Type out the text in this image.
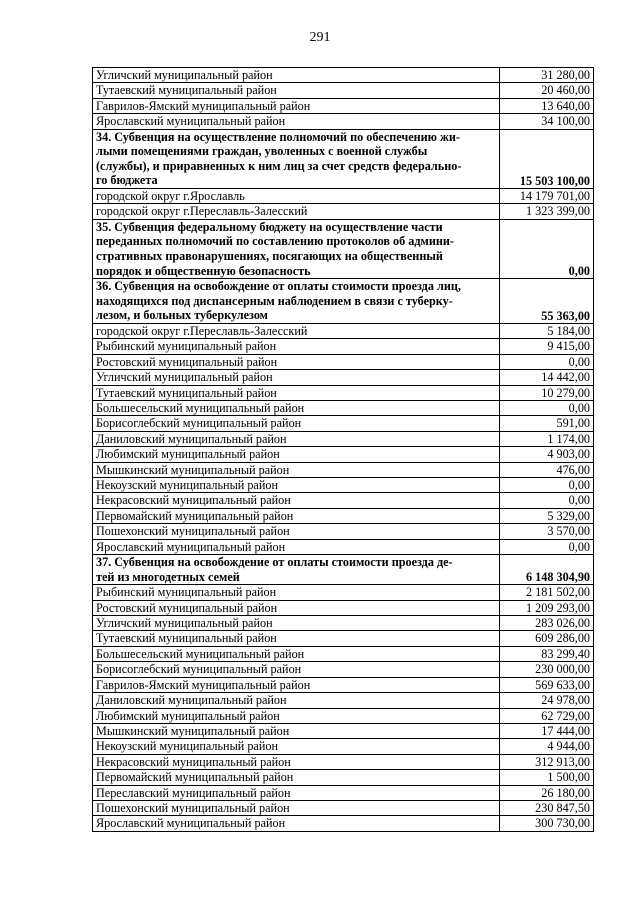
291
Угличский муниципальный район	31 280,00
Тутаевский муниципальный район	20 460,00
Гаврилов-Ямский муниципальный район	13 640,00
Ярославский муниципальный район	34 100,00

34. Субвенция на осуществление полномочий по обеспечению жи-
лыми помещениями граждан, уволенных с военной службы
(службы), и приравненных к ним лиц за счет средств федерально-
го бюджета	15 503 100,00
городской округ г.Ярославль	14 179 701,00
городской округ г.Переславль-Залесский	1 323 399,00

35. Субвенция федеральному бюджету на осуществление части
переданных полномочий по составлению протоколов об админи-
стративных правонарушениях, посягающих на общественный
порядок и общественную безопасность	0,00

36. Субвенция на освобождение от оплаты стоимости проезда лиц,
находящихся под диспансерным наблюдением в связи с туберку-
лезом, и больных туберкулезом	55 363,00
городской округ г.Переславль-Залесский	5 184,00
Рыбинский муниципальный район	9 415,00
Ростовский муниципальный район	0,00
Угличский муниципальный район	14 442,00
Тутаевский муниципальный район	10 279,00
Большесельский муниципальный район	0,00
Борисоглебский муниципальный район	591,00
Даниловский муниципальный район	1 174,00
Любимский муниципальный район	4 903,00
Мышкинский муниципальный район	476,00
Некоузский муниципальный район	0,00
Некрасовский муниципальный район	0,00
Первомайский муниципальный район	5 329,00
Пошехонский муниципальный район	3 570,00
Ярославский муниципальный район	0,00

37. Субвенция на освобождение от оплаты стоимости проезда де-
тей из многодетных семей	6 148 304,90
Рыбинский муниципальный район	2 181 502,00
Ростовский муниципальный район	1 209 293,00
Угличский муниципальный район	283 026,00
Тутаевский муниципальный район	609 286,00
Большесельский муниципальный район	83 299,40
Борисоглебский муниципальный район	230 000,00
Гаврилов-Ямский муниципальный район	569 633,00
Даниловский муниципальный район	24 978,00
Любимский муниципальный район	62 729,00
Мышкинский муниципальный район	17 444,00
Некоузский муниципальный район	4 944,00
Некрасовский муниципальный район	312 913,00
Первомайский муниципальный район	1 500,00
Переславский муниципальный район	26 180,00
Пошехонский муниципальный район	230 847,50
Ярославский муниципальный район	300 730,00
